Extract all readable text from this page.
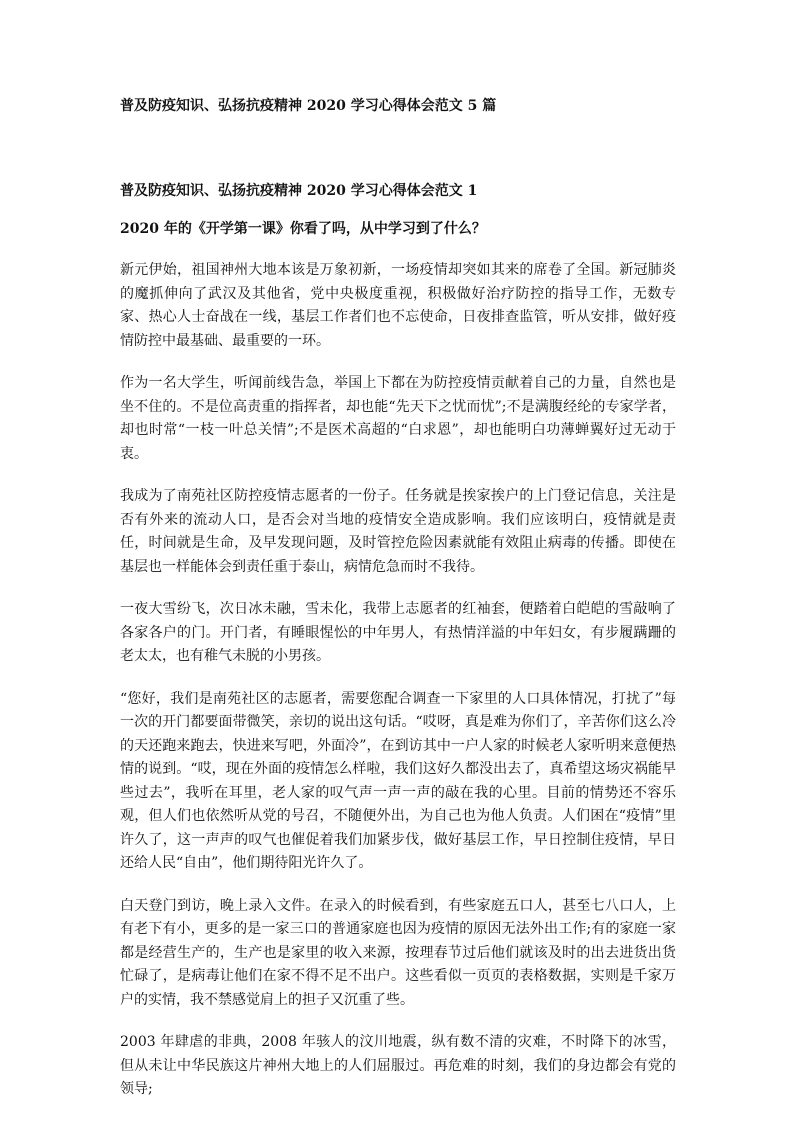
普及防疫知识、弘扬抗疫精神 2020 学习心得体会范文 5 篇
普及防疫知识、弘扬抗疫精神 2020 学习心得体会范文 1
2020 年的《开学第一课》你看了吗，从中学习到了什么？

新元伊始，祖国神州大地本该是万象初新，一场疫情却突如其来的席卷了全国。新冠肺炎的魔抓伸向了武汉及其他省，党中央极度重视，积极做好治疗防控的指导工作，无数专家、热心人士奋战在一线，基层工作者们也不忘使命，日夜排查监管，听从安排，做好疫情防控中最基础、最重要的一环。

作为一名大学生，听闻前线告急，举国上下都在为防控疫情贡献着自己的力量，自然也是坐不住的。不是位高责重的指挥者，却也能“先天下之忧而忧”;不是满腹经纶的专家学者，却也时常“一枝一叶总关情”;不是医术高超的“白求恩”，却也能明白功薄蝉翼好过无动于衷。

我成为了南苑社区防控疫情志愿者的一份子。任务就是挨家挨户的上门登记信息，关注是否有外来的流动人口，是否会对当地的疫情安全造成影响。我们应该明白，疫情就是责任，时间就是生命，及早发现问题，及时管控危险因素就能有效阻止病毒的传播。即使在基层也一样能体会到责任重于泰山，病情危急而时不我待。

一夜大雪纷飞，次日冰未融，雪未化，我带上志愿者的红袖套，便踏着白皑皑的雪敲响了各家各户的门。开门者，有睡眼惺忪的中年男人，有热情洋溢的中年妇女，有步履蹒跚的老太太，也有稚气未脱的小男孩。

“您好，我们是南苑社区的志愿者，需要您配合调查一下家里的人口具体情况，打扰了”每一次的开门都要面带微笑，亲切的说出这句话。“哎呀，真是难为你们了，辛苦你们这么冷的天还跑来跑去，快进来写吧，外面冷”，在到访其中一户人家的时候老人家听明来意便热情的说到。“哎，现在外面的疫情怎么样啦，我们这好久都没出去了，真希望这场灾祸能早些过去”，我听在耳里，老人家的叹气声一声一声的敲在我的心里。目前的情势还不容乐观，但人们也依然听从党的号召，不随便外出，为自己也为他人负责。人们困在“疫情”里许久了，这一声声的叹气也催促着我们加紧步伐，做好基层工作，早日控制住疫情，早日还给人民“自由”，他们期待阳光许久了。

白天登门到访，晚上录入文件。在录入的时候看到，有些家庭五口人，甚至七八口人，上有老下有小，更多的是一家三口的普通家庭也因为疫情的原因无法外出工作;有的家庭一家都是经营生产的，生产也是家里的收入来源，按理春节过后他们就该及时的出去进货出货忙碌了，是病毒让他们在家不得不足不出户。这些看似一页页的表格数据，实则是千家万户的实情，我不禁感觉肩上的担子又沉重了些。

2003 年肆虐的非典，2008 年骇人的汶川地震，纵有数不清的灾难，不时降下的冰雪，但从未让中华民族这片神州大地上的人们屈服过。再危难的时刻，我们的身边都会有党的领导;
